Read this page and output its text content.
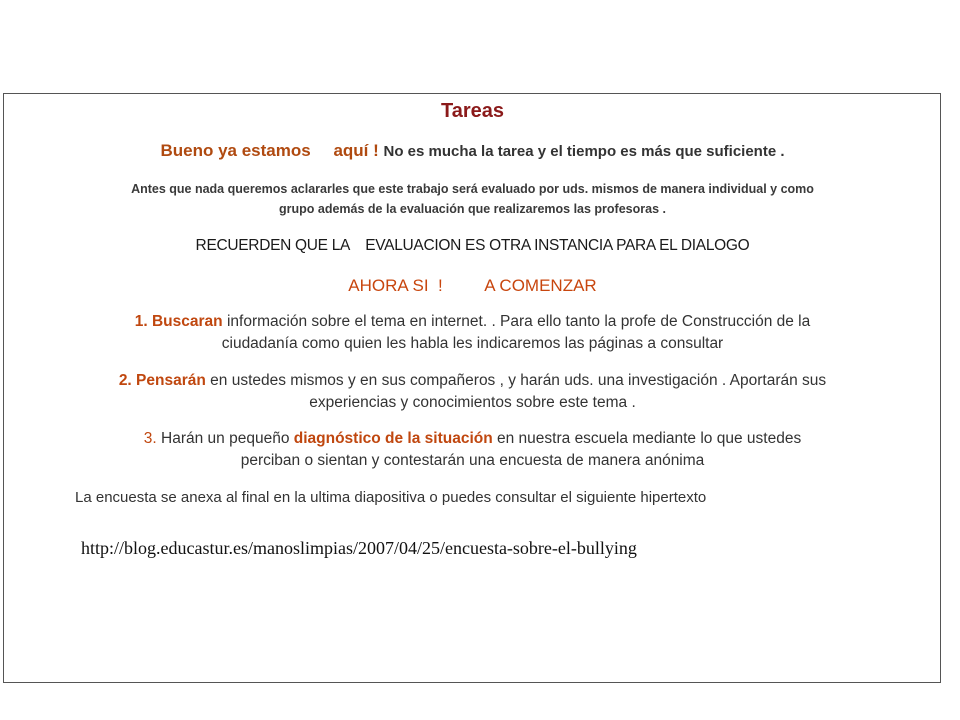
Tareas
Bueno ya estamos aquí ! No es mucha la tarea y el tiempo es más que suficiente .
Antes que nada queremos aclararles que este trabajo será evaluado por uds. mismos de manera individual y como
grupo además de la evaluación que realizaremos las profesoras .
RECUERDEN QUE LA    EVALUACION ES OTRA INSTANCIA PARA EL DIALOGO
AHORA SI  !         A COMENZAR
1. Buscaran información sobre el tema en internet. . Para ello tanto la profe de Construcción de la
ciudadanía como quien les habla les indicaremos las páginas a consultar
2. Pensarán en ustedes mismos y en sus compañeros , y harán uds. una investigación . Aportarán sus
experiencias y conocimientos sobre este tema .
3. Harán un pequeño diagnóstico de la situación en nuestra escuela mediante lo que ustedes
perciban o sientan y contestarán una encuesta de manera anónima
La encuesta se anexa al final en la ultima diapositiva o puedes consultar el siguiente hipertexto
http://blog.educastur.es/manoslimpias/2007/04/25/encuesta-sobre-el-bullying
